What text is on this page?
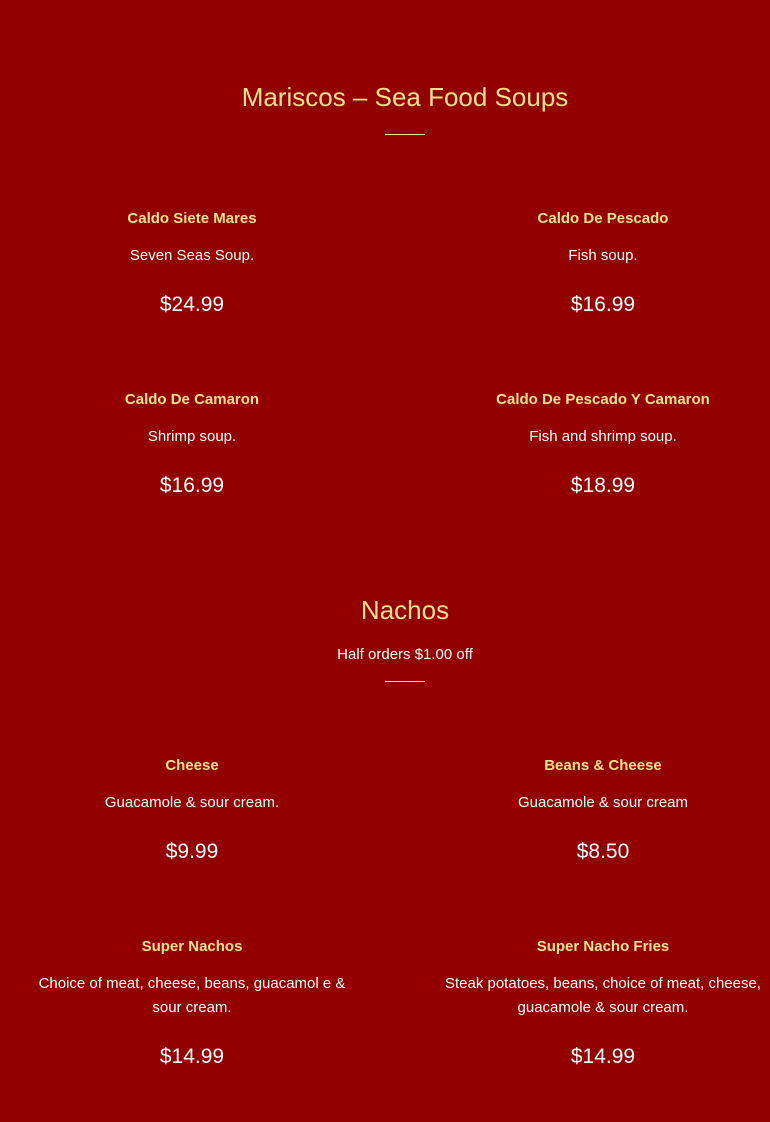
Mariscos – Sea Food Soups
Caldo Siete Mares
Seven Seas Soup.
$24.99
Caldo De Pescado
Fish soup.
$16.99
Caldo De Camaron
Shrimp soup.
$16.99
Caldo De Pescado Y Camaron
Fish and shrimp soup.
$18.99
Nachos
Half orders $1.00 off
Cheese
Guacamole & sour cream.
$9.99
Beans & Cheese
Guacamole & sour cream
$8.50
Super Nachos
Choice of meat, cheese, beans, guacamol e & sour cream.
$14.99
Super Nacho Fries
Steak potatoes, beans, choice of meat, cheese, guacamole & sour cream.
$14.99
